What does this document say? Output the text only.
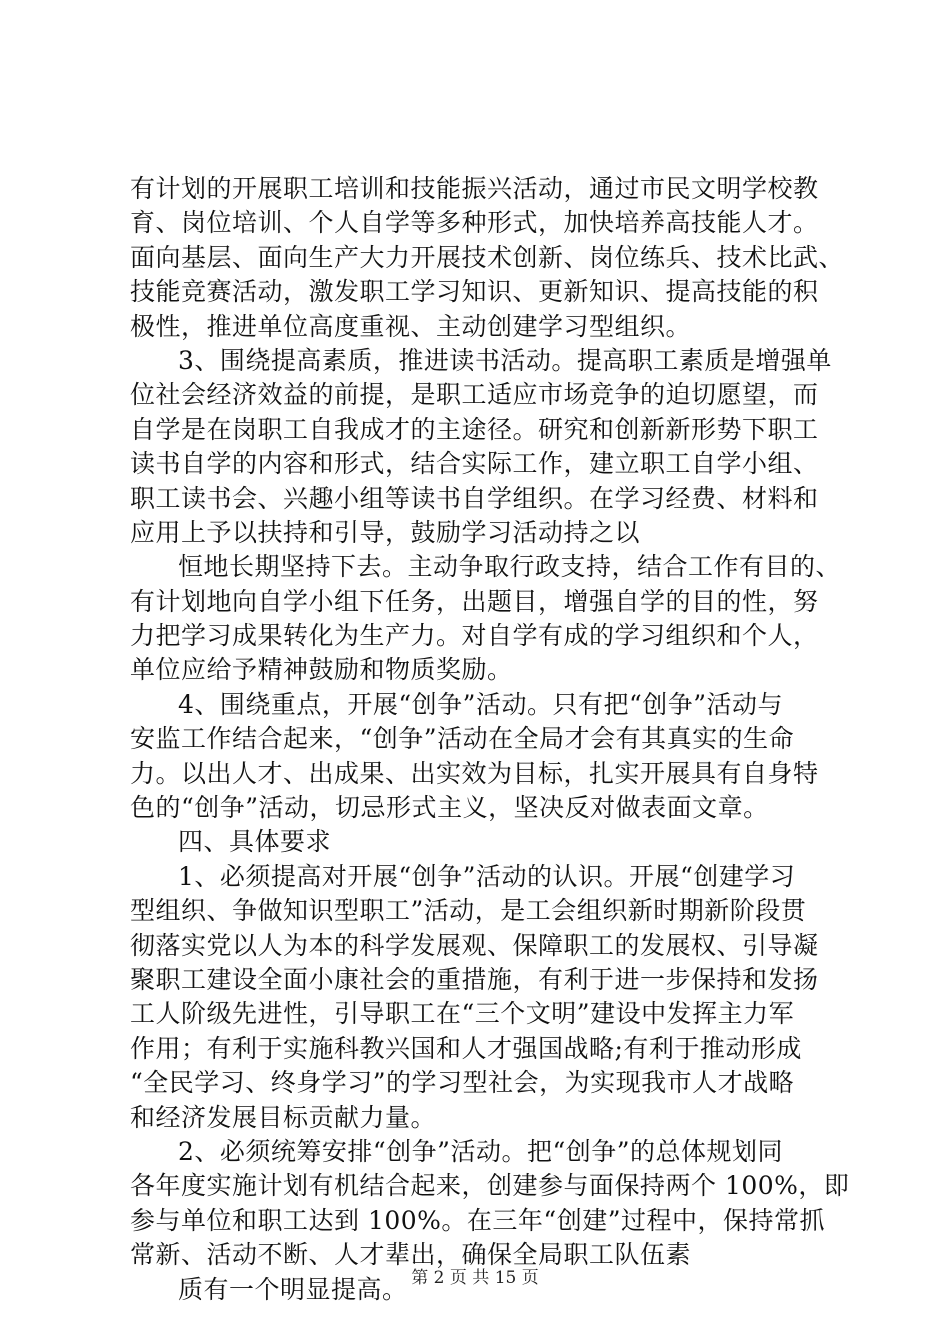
有计划的开展职工培训和技能振兴活动，通过市民文明学校教
育、岗位培训、个人自学等多种形式，加快培养高技能人才。
面向基层、面向生产大力开展技术创新、岗位练兵、技术比武、
技能竞赛活动，激发职工学习知识、更新知识、提高技能的积
极性，推进单位高度重视、主动创建学习型组织。
3、围绕提高素质，推进读书活动。提高职工素质是增强单
位社会经济效益的前提，是职工适应市场竞争的迫切愿望，而
自学是在岗职工自我成才的主途径。研究和创新新形势下职工
读书自学的内容和形式，结合实际工作，建立职工自学小组、
职工读书会、兴趣小组等读书自学组织。在学习经费、材料和
应用上予以扶持和引导，鼓励学习活动持之以
恒地长期坚持下去。主动争取行政支持，结合工作有目的、
有计划地向自学小组下任务，出题目，增强自学的目的性，努
力把学习成果转化为生产力。对自学有成的学习组织和个人，
单位应给予精神鼓励和物质奖励。
4、围绕重点，开展“创争”活动。只有把“创争”活动与
安监工作结合起来，“创争”活动在全局才会有其真实的生命
力。以出人才、出成果、出实效为目标，扎实开展具有自身特
色的“创争”活动，切忌形式主义，坚决反对做表面文章。
四、具体要求
1、必须提高对开展“创争”活动的认识。开展“创建学习
型组织、争做知识型职工”活动，是工会组织新时期新阶段贯
彻落实党以人为本的科学发展观、保障职工的发展权、引导凝
聚职工建设全面小康社会的重措施，有利于进一步保持和发扬
工人阶级先进性，引导职工在“三个文明”建设中发挥主力军
作用；有利于实施科教兴国和人才强国战略;有利于推动形成
“全民学习、终身学习”的学习型社会，为实现我市人才战略
和经济发展目标贡献力量。
2、必须统筹安排“创争”活动。把“创争”的总体规划同
各年度实施计划有机结合起来，创建参与面保持两个 100%，即
参与单位和职工达到 100%。在三年“创建”过程中，保持常抓
常新、活动不断、人才辈出，确保全局职工队伍素
质有一个明显提高。 第 2 页 共 15 页
